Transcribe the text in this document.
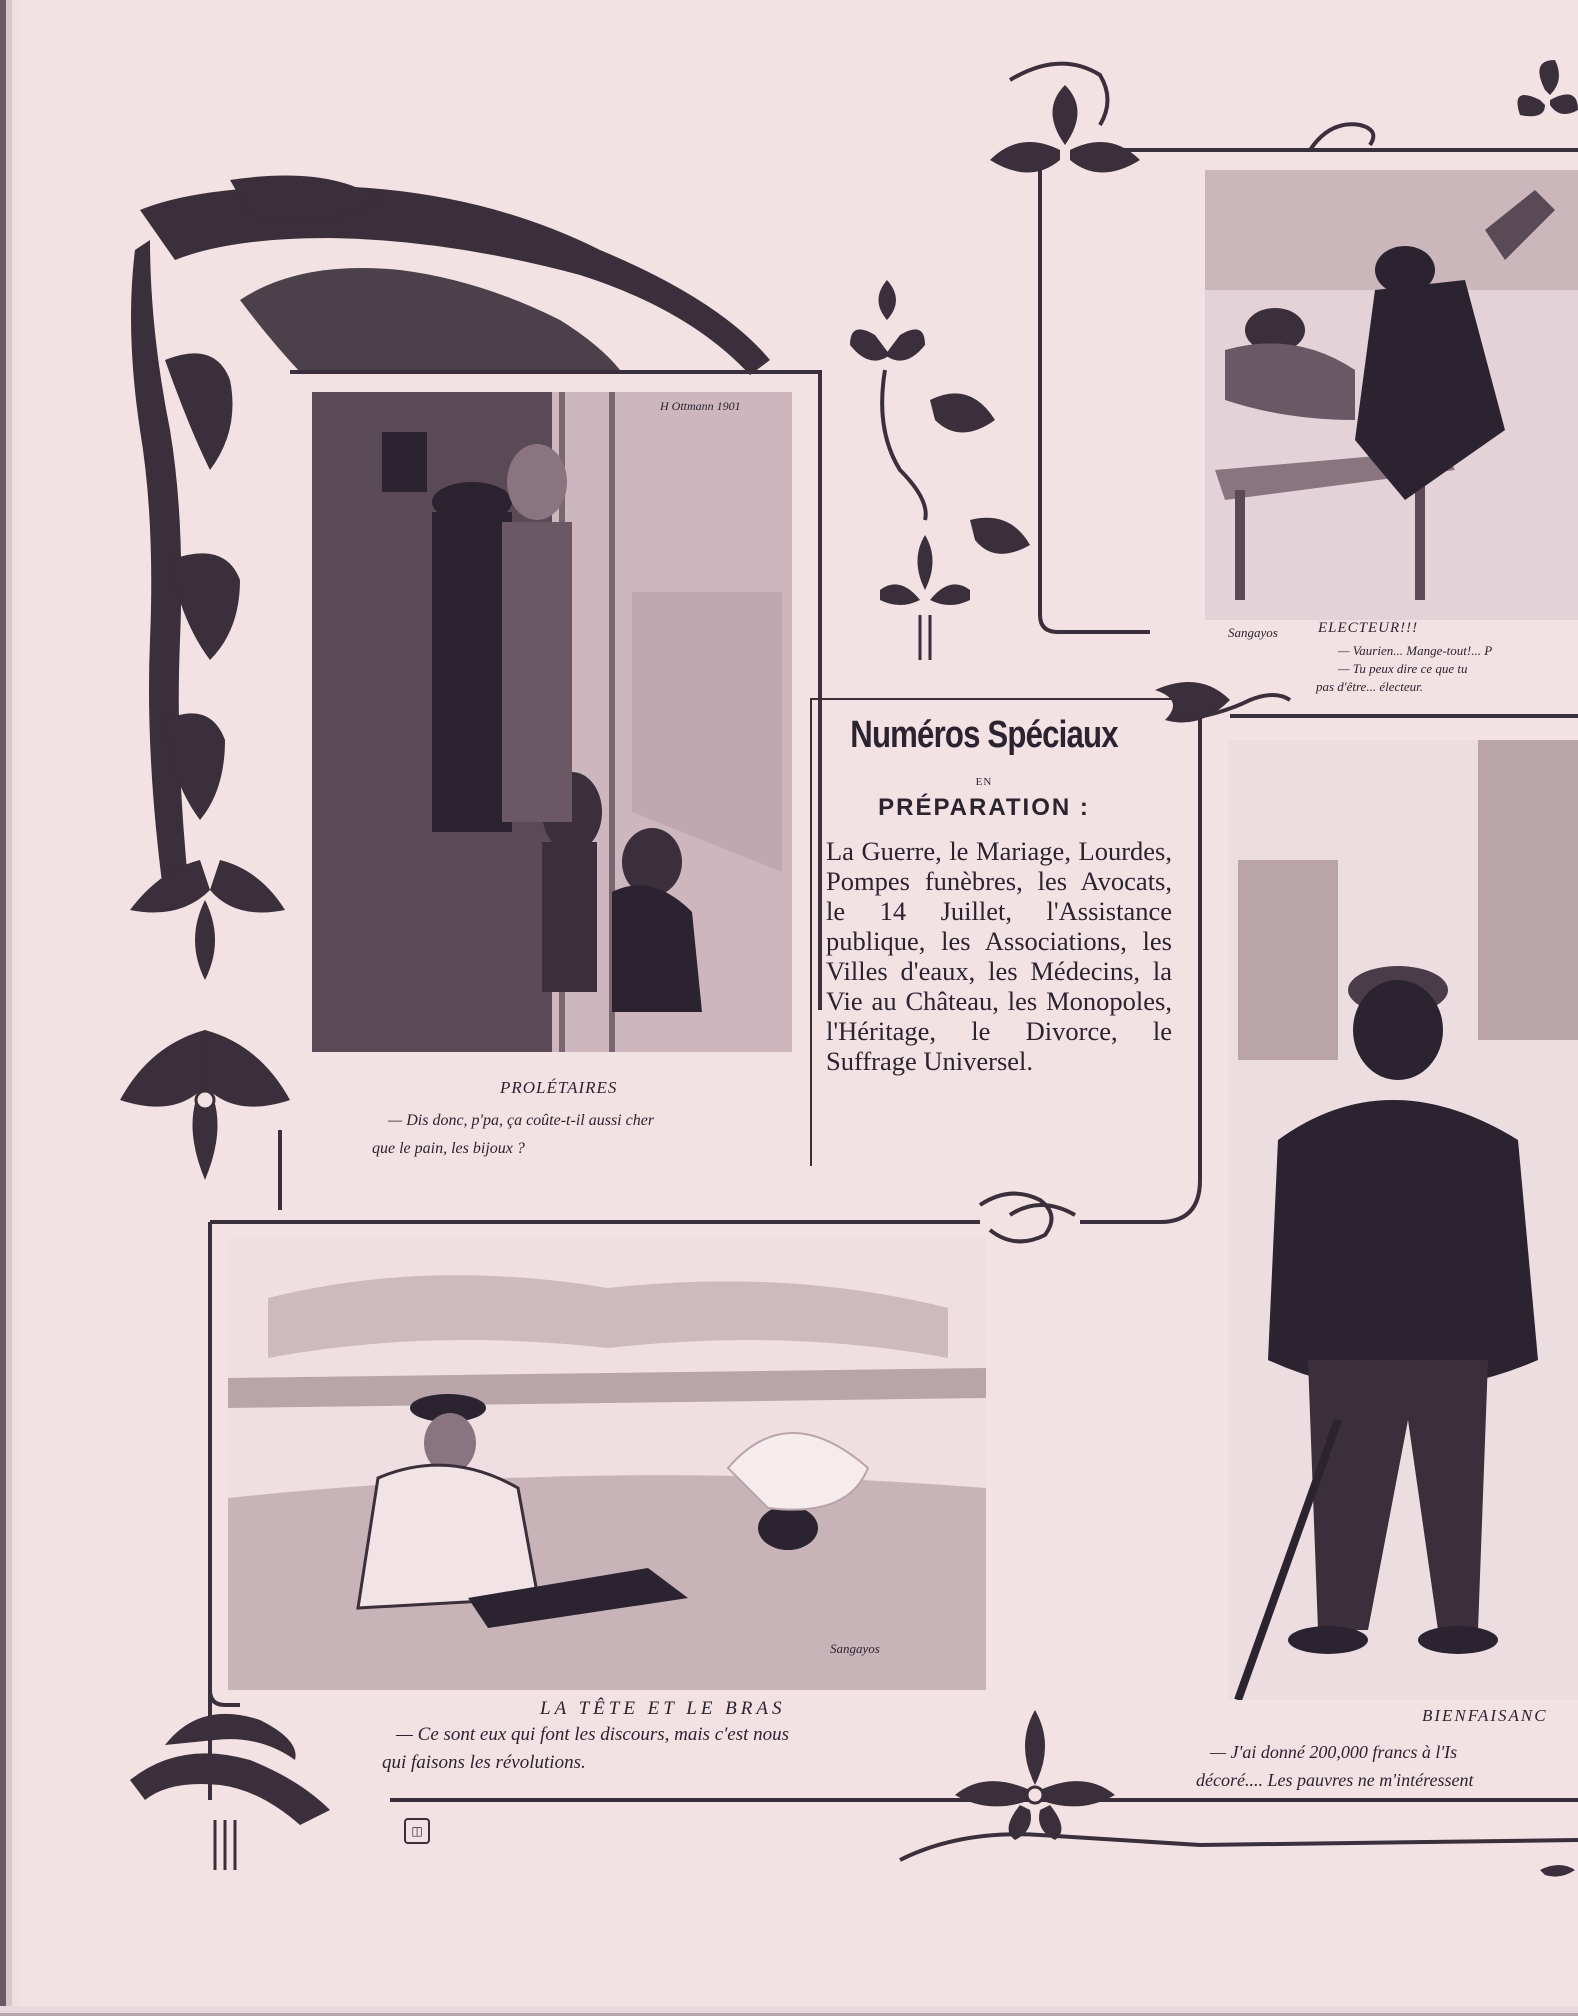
H Ottmann 1901
PROLÉTAIRES
— Dis donc, p'pa, ça coûte-t-il aussi cher
que le pain, les bijoux ?
Numéros Spéciaux
EN
PRÉPARATION :
La Guerre, le Mariage, Lourdes, Pompes funèbres, les Avocats, le 14 Juillet, l'Assistance publique, les Associations, les Villes d'eaux, les Médecins, la Vie au Château, les Monopoles, l'Héritage, le Divorce, le Suffrage Universel.
Sangayos	ELECTEUR!!!
— Vaurien... Mange-tout!... P
— Tu peux dire ce que tu
pas d'être... électeur.
Sangayos
LA TÊTE ET LE BRAS
— Ce sont eux qui font les discours, mais c'est nous
qui faisons les révolutions.
BIENFAISANC
— J'ai donné 200,000 francs à l'Is
décoré.... Les pauvres ne m'intéressent
◫
